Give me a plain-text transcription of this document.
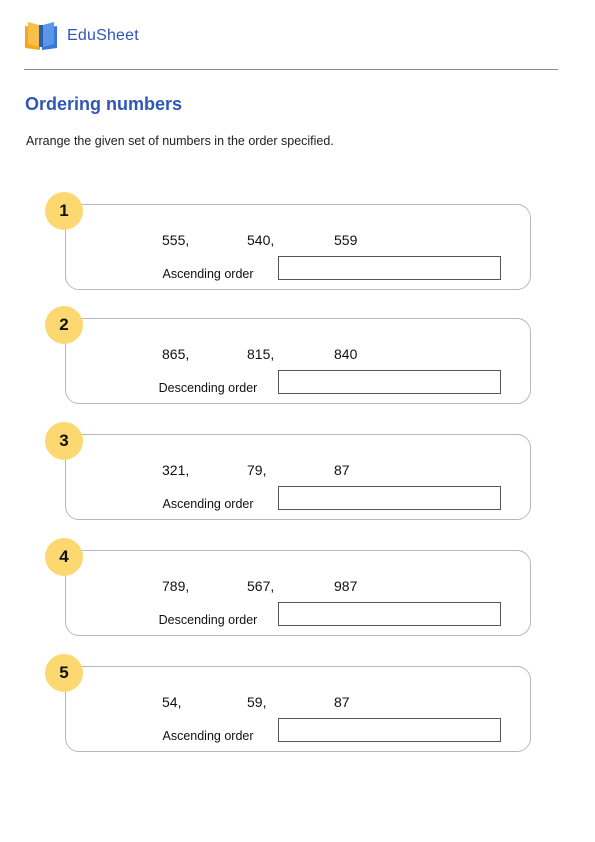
EduSheet
Ordering numbers
Arrange the given set of numbers in the order specified.
555,	540,	559
Ascending order
1
865,	815,	840
Descending order
2
321,	79,	87
Ascending order
3
789,	567,	987
Descending order
4
54,	59,	87
Ascending order
5
